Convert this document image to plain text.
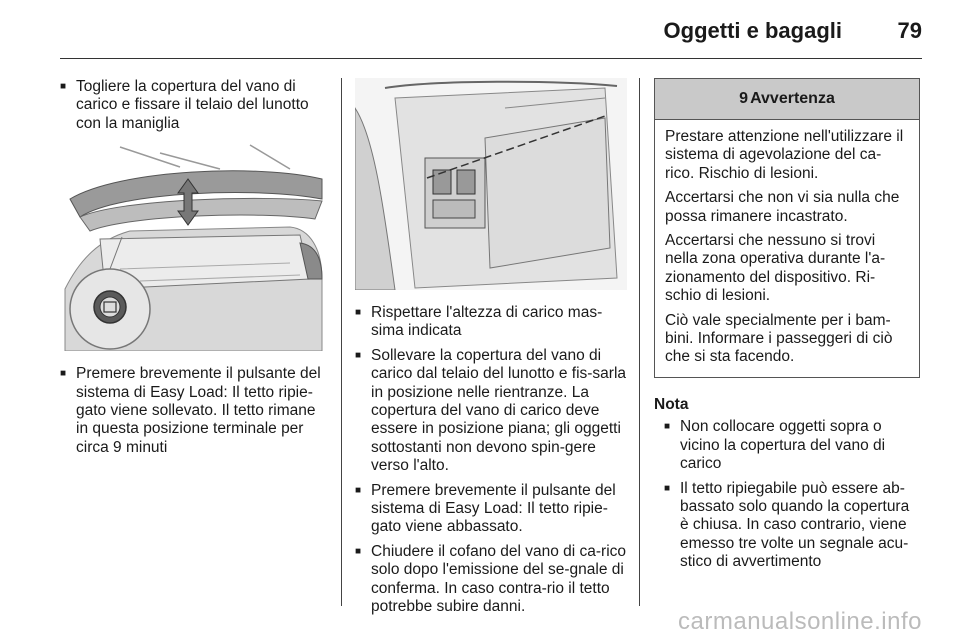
Oggetti e bagagli	79
■ Togliere la copertura del vano di carico e fissare il telaio del lunotto con la maniglia
■ Premere brevemente il pulsante del sistema di Easy Load: Il tetto ripie-gato viene sollevato. Il tetto rimane in questa posizione terminale per circa 9 minuti
■ Rispettare l'altezza di carico mas-sima indicata
■ Sollevare la copertura del vano di carico dal telaio del lunotto e fis-sarla in posizione nelle rientranze. La copertura del vano di carico deve essere in posizione piana; gli oggetti sottostanti non devono spin-gere verso l'alto.
■ Premere brevemente il pulsante del sistema di Easy Load: Il tetto ripie-gato viene abbassato.
■ Chiudere il cofano del vano di ca-rico solo dopo l'emissione del se-gnale di conferma. In caso contra-rio il tetto potrebbe subire danni.
9 Avvertenza

Prestare attenzione nell'utilizzare il sistema di agevolazione del ca-rico. Rischio di lesioni.

Accertarsi che non vi sia nulla che possa rimanere incastrato.

Accertarsi che nessuno si trovi nella zona operativa durante l'a-zionamento del dispositivo. Ri-schio di lesioni.

Ciò vale specialmente per i bam-bini. Informare i passeggeri di ciò che si sta facendo.

Nota
■ Non collocare oggetti sopra o vicino la copertura del vano di carico
■ Il tetto ripiegabile può essere ab-bassato solo quando la copertura è chiusa. In caso contrario, viene emesso tre volte un segnale acu-stico di avvertimento
carmanualsonline.info
